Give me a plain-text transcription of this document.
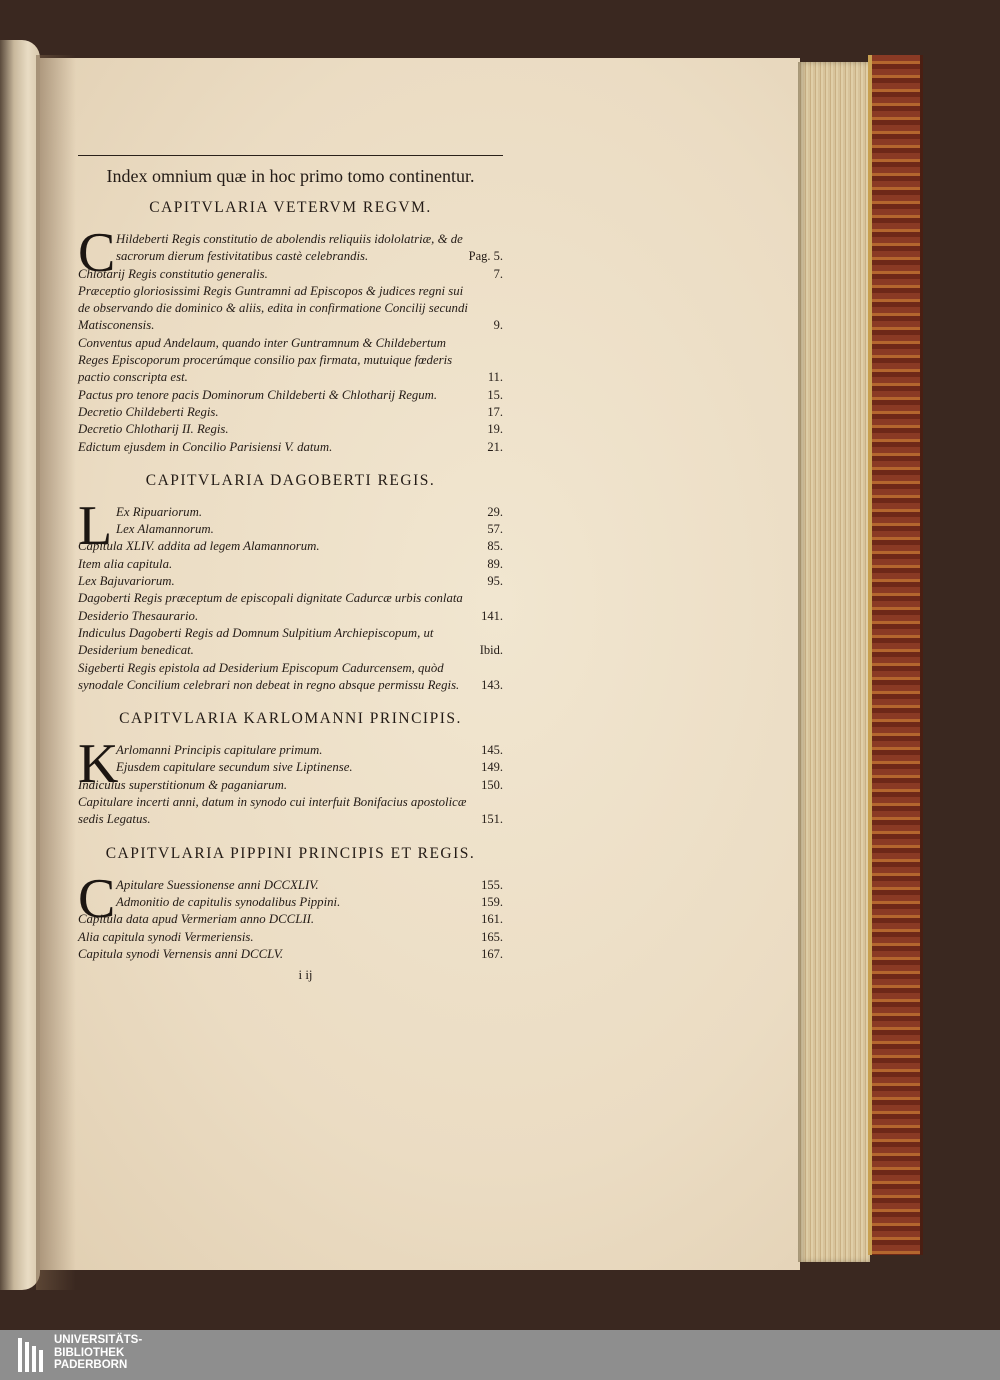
Index omnium quæ in hoc primo tomo continentur.
CAPITVLARIA VETERVM REGVM.
C Hildeberti Regis constitutio de abolendis reliquiis idololatriæ, & de sacrorum dierum festivitatibus castè celebrandis.	Pag. 5.

Chlotarij Regis constitutio generalis.	7.

Præceptio gloriosissimi Regis Guntramni ad Episcopos & judices regni sui de observando die dominico & aliis, edita in confirmatione Concilij secundi Matisconensis.	9.

Conventus apud Andelaum, quando inter Guntramnum & Childebertum Reges Episcoporum procerúmque consilio pax firmata, mutuique fœderis pactio conscripta est.	11.

Pactus pro tenore pacis Dominorum Childeberti & Chlotharij Regum.	15.

Decretio Childeberti Regis.	17.

Decretio Chlotharij II. Regis.	19.

Edictum ejusdem in Concilio Parisiensi V. datum.	21.

CAPITVLARIA DAGOBERTI REGIS.
L Ex Ripuariorum.	29.

Lex Alamannorum.	57.

Capitula XLIV. addita ad legem Alamannorum.	85.

Item alia capitula.	89.

Lex Bajuvariorum.	95.

Dagoberti Regis præceptum de episcopali dignitate Cadurcæ urbis conlata Desiderio Thesaurario.	141.

Indiculus Dagoberti Regis ad Domnum Sulpitium Archiepiscopum, ut Desiderium benedicat.	Ibid.

Sigeberti Regis epistola ad Desiderium Episcopum Cadurcensem, quòd synodale Concilium celebrari non debeat in regno absque permissu Regis.	143.

CAPITVLARIA KARLOMANNI PRINCIPIS.
K

Arlomanni Principis capitulare primum.	145.

Ejusdem capitulare secundum sive Liptinense.	149.

Indiculus superstitionum & paganiarum.	150.

Capitulare incerti anni, datum in synodo cui interfuit Bonifacius apostolicæ sedis Legatus.	151.

CAPITVLARIA PIPPINI PRINCIPIS ET REGIS.
C Apitulare Suessionense anni DCCXLIV.	155.

Admonitio de capitulis synodalibus Pippini.	159.

Capitula data apud Vermeriam anno DCCLII.	161.

Alia capitula synodi Vermeriensis.	165.

Capitula synodi Vernensis anni DCCLV.	167.

i ij
UNIVERSITÄTS-
BIBLIOTHEK
PADERBORN
